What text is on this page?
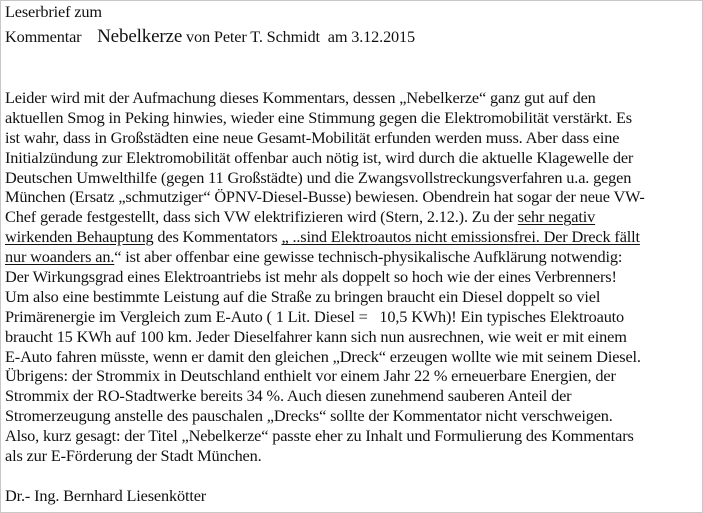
Leserbrief zum
Kommentar Nebelkerze von Peter T. Schmidt  am 3.12.2015
Leider wird mit der Aufmachung dieses Kommentars, dessen „Nebelkerze“ ganz gut auf den
aktuellen Smog in Peking hinwies, wieder eine Stimmung gegen die Elektromobilität verstärkt. Es
ist wahr, dass in Großstädten eine neue Gesamt-Mobilität erfunden werden muss. Aber dass eine
Initialzündung zur Elektromobilität offenbar auch nötig ist, wird durch die aktuelle Klagewelle der
Deutschen Umwelthilfe (gegen 11 Großstädte) und die Zwangsvollstreckungsverfahren u.a. gegen
München (Ersatz „schmutziger“ ÖPNV-Diesel-Busse) bewiesen. Obendrein hat sogar der neue VW-
Chef gerade festgestellt, dass sich VW elektrifizieren wird (Stern, 2.12.). Zu der sehr negativ
wirkenden Behauptung des Kommentators „ ..sind Elektroautos nicht emissionsfrei. Der Dreck fällt
nur woanders an.“ ist aber offenbar eine gewisse technisch-physikalische Aufklärung notwendig:
Der Wirkungsgrad eines Elektroantriebs ist mehr als doppelt so hoch wie der eines Verbrenners!
Um also eine bestimmte Leistung auf die Straße zu bringen braucht ein Diesel doppelt so viel
Primärenergie im Vergleich zum E-Auto ( 1 Lit. Diesel =   10,5 KWh)! Ein typisches Elektroauto
braucht 15 KWh auf 100 km. Jeder Dieselfahrer kann sich nun ausrechnen, wie weit er mit einem
E-Auto fahren müsste, wenn er damit den gleichen „Dreck“ erzeugen wollte wie mit seinem Diesel.
Übrigens: der Strommix in Deutschland enthielt vor einem Jahr 22 % erneuerbare Energien, der
Strommix der RO-Stadtwerke bereits 34 %. Auch diesen zunehmend sauberen Anteil der
Stromerzeugung anstelle des pauschalen „Drecks“ sollte der Kommentator nicht verschweigen.
Also, kurz gesagt: der Titel „Nebelkerze“ passte eher zu Inhalt und Formulierung des Kommentars
als zur E-Förderung der Stadt München.
Dr.- Ing. Bernhard Liesenkötter
